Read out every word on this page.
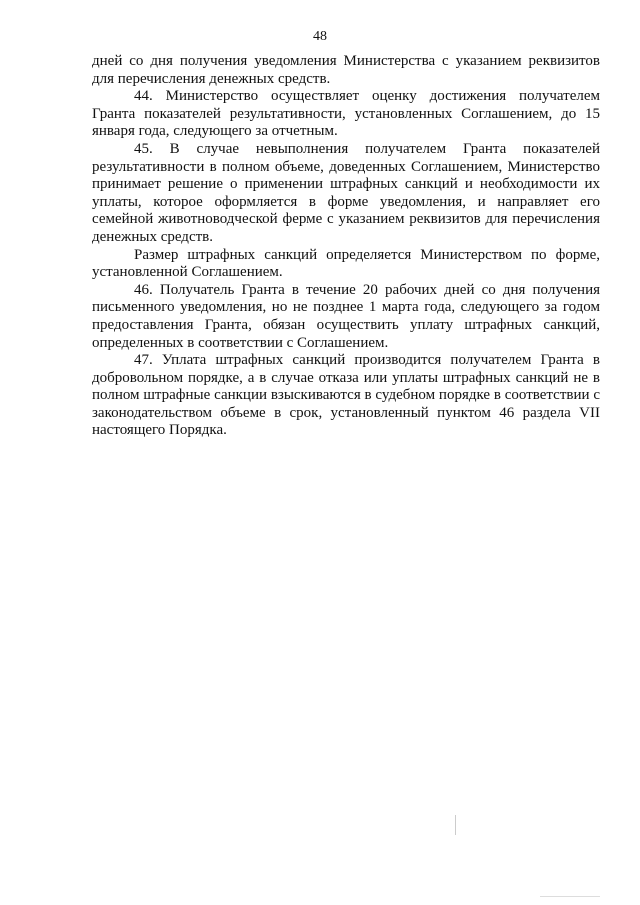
48

дней со дня получения уведомления Министерства с указанием реквизитов для перечисления денежных средств.

44. Министерство осуществляет оценку достижения получателем Гранта показателей результативности, установленных Соглашением, до 15 января года, следующего за отчетным.

45. В случае невыполнения получателем Гранта показателей результативности в полном объеме, доведенных Соглашением, Министерство принимает решение о применении штрафных санкций и необходимости их уплаты, которое оформляется в форме уведомления, и направляет его семейной животноводческой ферме с указанием реквизитов для перечисления денежных средств.

Размер штрафных санкций определяется Министерством по форме, установленной Соглашением.

46. Получатель Гранта в течение 20 рабочих дней со дня получения письменного уведомления, но не позднее 1 марта года, следующего за годом предоставления Гранта, обязан осуществить уплату штрафных санкций, определенных в соответствии с Соглашением.

47. Уплата штрафных санкций производится получателем Гранта в добровольном порядке, а в случае отказа или уплаты штрафных санкций не в полном штрафные санкции взыскиваются в судебном порядке в соответствии с законодательством объеме в срок, установленный пунктом 46 раздела VII настоящего Порядка.
